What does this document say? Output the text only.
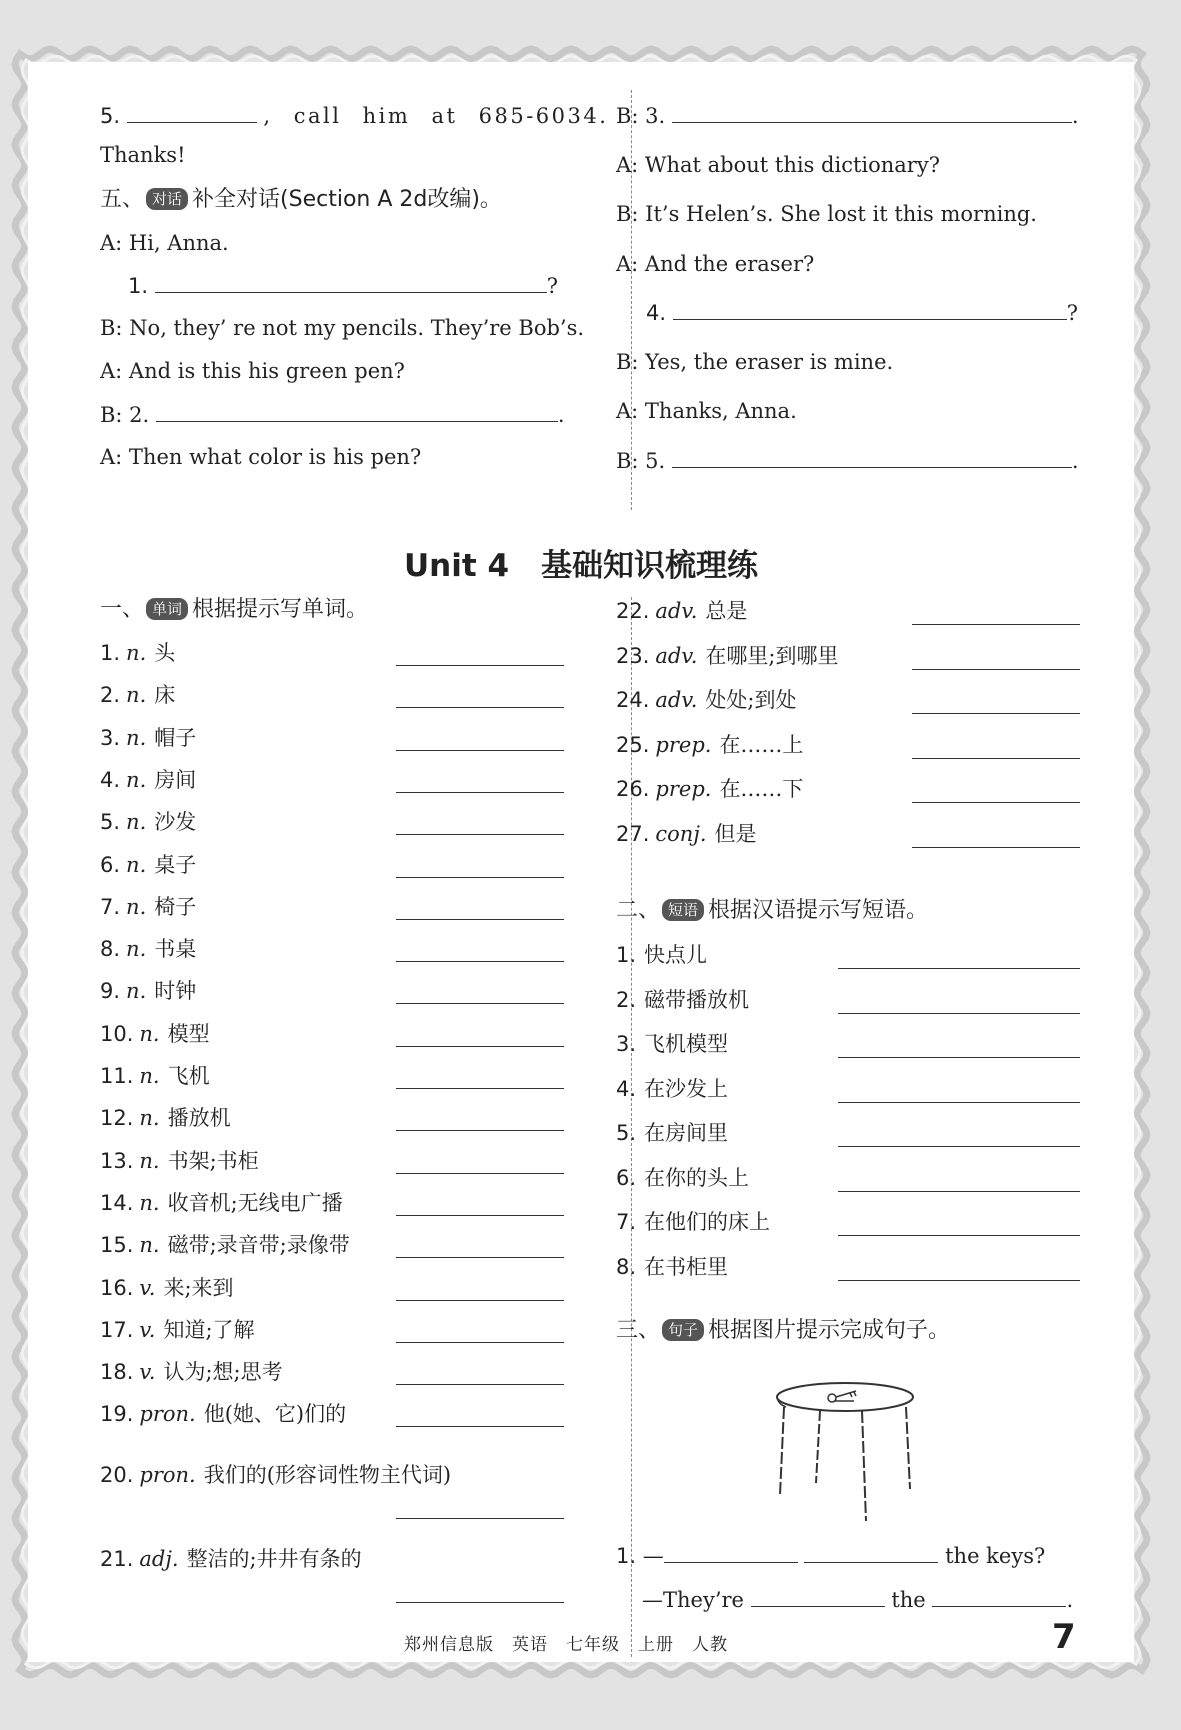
5.	, call him at 685-6034.
Thanks!
五、 对话 补全对话(Section A 2d改编)。
A: Hi, Anna.
1.	?
B: No, they’ re not my pencils. They’re Bob’s.
A: And is this his green pen?
B: 2.	.
A: Then what color is his pen?
B: 3.	.
A: What about this dictionary?
B: It’s Helen’s. She lost it this morning.
A: And the eraser?
4.	?
B: Yes, the eraser is mine.
A: Thanks, Anna.
B: 5.	.
Unit 4 基础知识梳理练
一、 单词 根据提示写单词。
1. n. 头
2. n. 床
3. n. 帽子
4. n. 房间
5. n. 沙发
6. n. 桌子
7. n. 椅子
8. n. 书桌
9. n. 时钟
10. n. 模型
11. n. 飞机
12. n. 播放机
13. n. 书架;书柜
14. n. 收音机;无线电广播
15. n. 磁带;录音带;录像带
16. v. 来;来到
17. v. 知道;了解
18. v. 认为;想;思考
19. pron. 他(她、它)们的
20. pron. 我们的(形容词性物主代词)
21. adj. 整洁的;井井有条的
22. adv. 总是
23. adv. 在哪里;到哪里
24. adv. 处处;到处
25. prep. 在……上
26. prep. 在……下
27. conj. 但是
二、 短语 根据汉语提示写短语。
1. 快点儿
2. 磁带播放机
3. 飞机模型
4. 在沙发上
5. 在房间里
6. 在你的头上
7. 在他们的床上
8. 在书柜里
三、 句子 根据图片提示完成句子。
1. —	the keys?
—They’re	the	.
郑州信息版　英语　七年级　上册　人教	7
